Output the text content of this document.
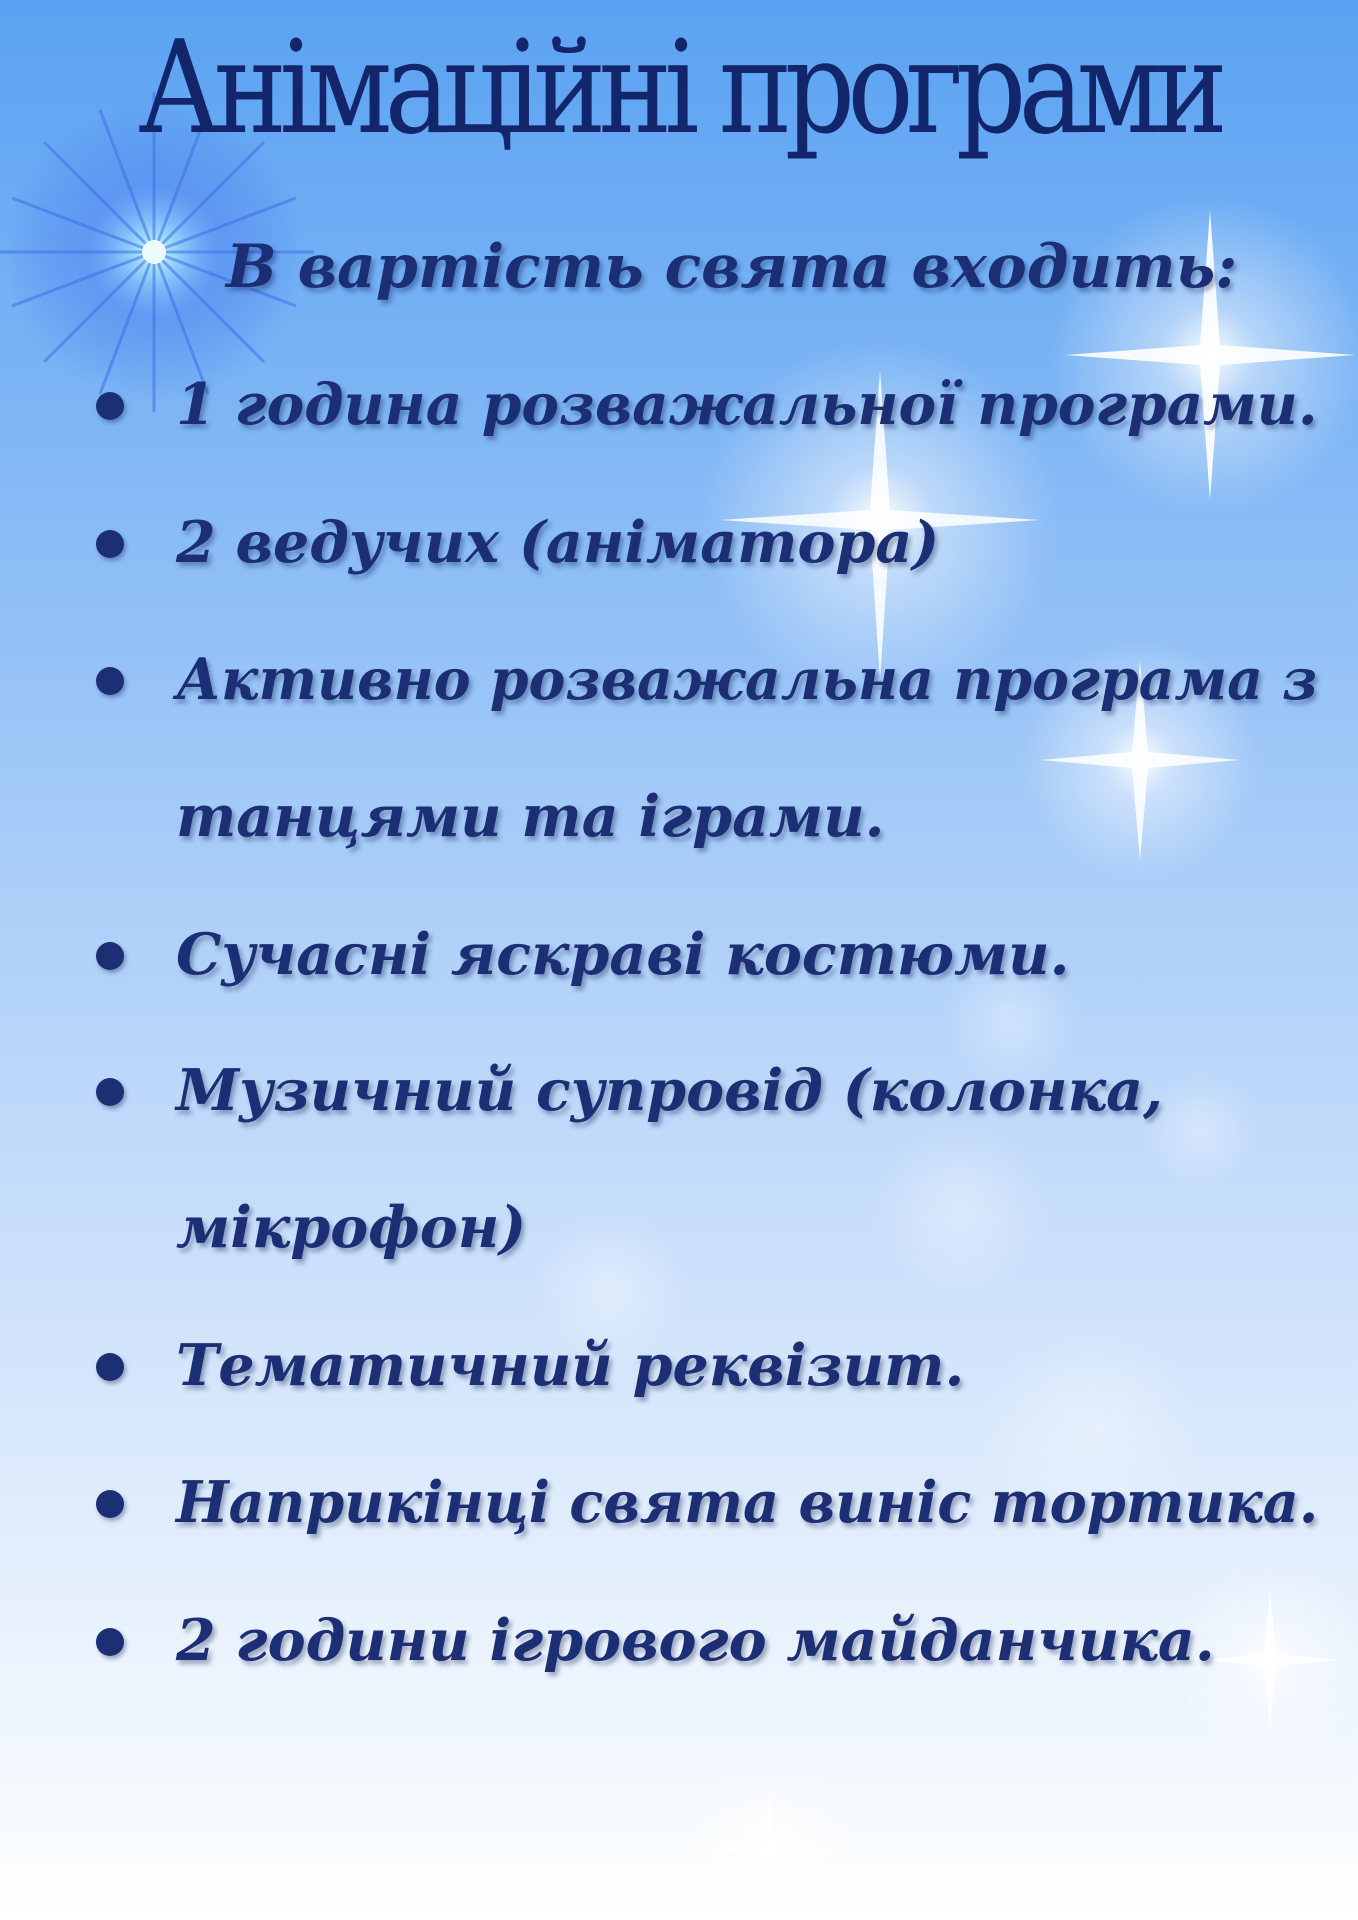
Анімаційні програми
В вартість свята входить:
1 година розважальної програми.
2 ведучих (аніматора)
Активно розважальна програма з
танцями та іграми.
Сучасні яскраві костюми.
Музичний супровід (колонка,
мікрофон)
Тематичний реквізит.
Наприкінці свята винiс тортика.
2 години ігрового майданчика.
